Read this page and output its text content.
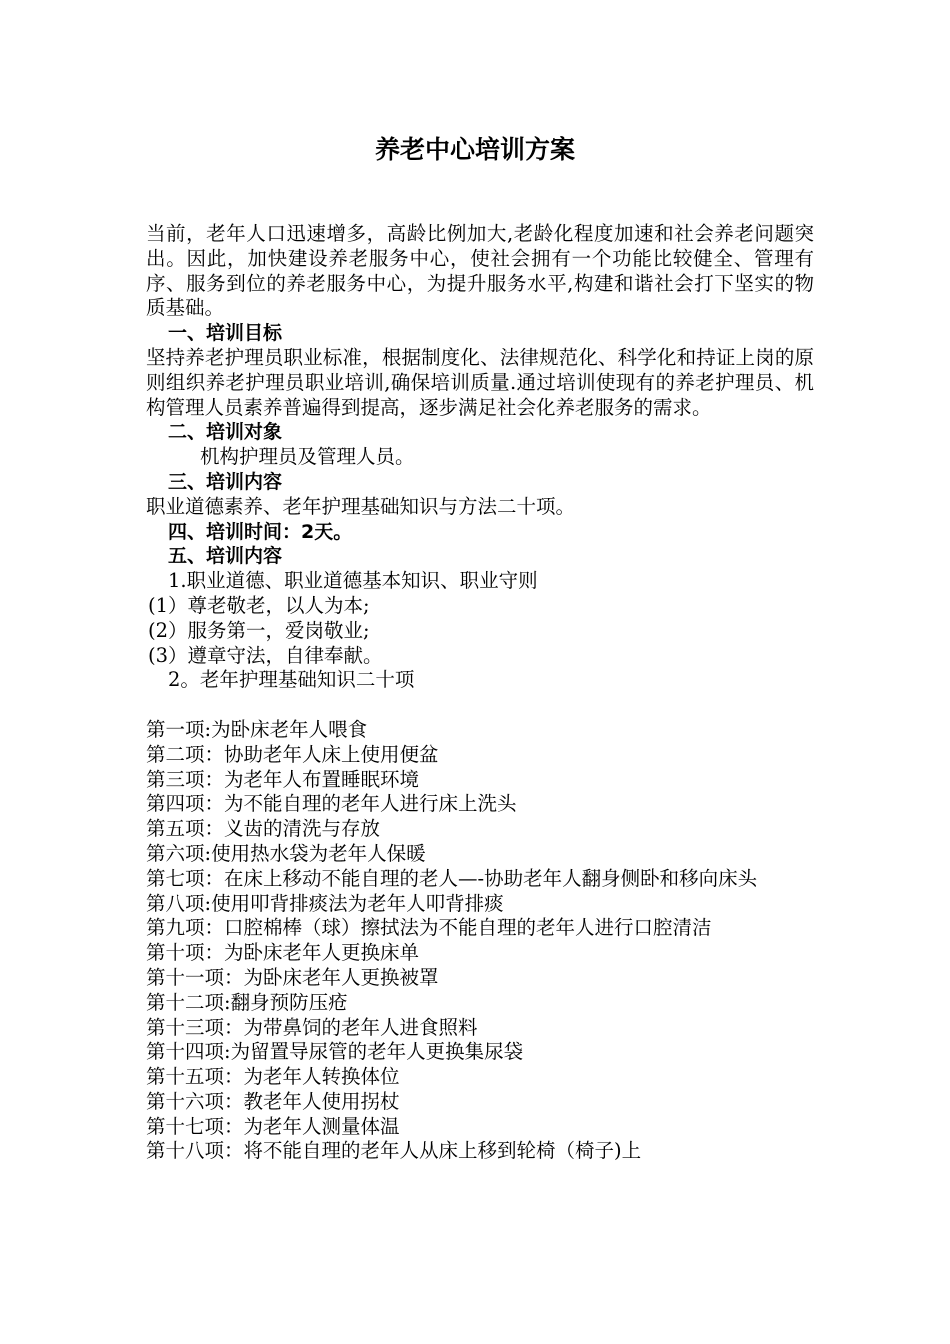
养老中心培训方案

当前，老年人口迅速增多，高龄比例加大,老龄化程度加速和社会养老问题突出。因此，加快建设养老服务中心，使社会拥有一个功能比较健全、管理有序、服务到位的养老服务中心，为提升服务水平,构建和谐社会打下坚实的物质基础。

一、培训目标

坚持养老护理员职业标准，根据制度化、法律规范化、科学化和持证上岗的原则组织养老护理员职业培训,确保培训质量.通过培训使现有的养老护理员、机构管理人员素养普遍得到提高，逐步满足社会化养老服务的需求。

二、培训对象
机构护理员及管理人员。
三、培训内容
职业道德素养、老年护理基础知识与方法二十项。
四、培训时间：2天。
五、培训内容
1.职业道德、职业道德基本知识、职业守则
(1）尊老敬老，以人为本;
(2）服务第一，爱岗敬业;
(3）遵章守法，自律奉献。
2。老年护理基础知识二十项
第一项:为卧床老年人喂食
第二项：协助老年人床上使用便盆
第三项：为老年人布置睡眠环境
第四项：为不能自理的老年人进行床上洗头
第五项：义齿的清洗与存放
第六项:使用热水袋为老年人保暖
第七项：在床上移动不能自理的老人—-协助老年人翻身侧卧和移向床头
第八项:使用叩背排痰法为老年人叩背排痰
第九项：口腔棉棒（球）擦拭法为不能自理的老年人进行口腔清洁
第十项：为卧床老年人更换床单
第十一项：为卧床老年人更换被罩
第十二项:翻身预防压疮
第十三项：为带鼻饲的老年人进食照料
第十四项:为留置导尿管的老年人更换集尿袋
第十五项：为老年人转换体位
第十六项：教老年人使用拐杖
第十七项：为老年人测量体温
第十八项：将不能自理的老年人从床上移到轮椅（椅子)上
